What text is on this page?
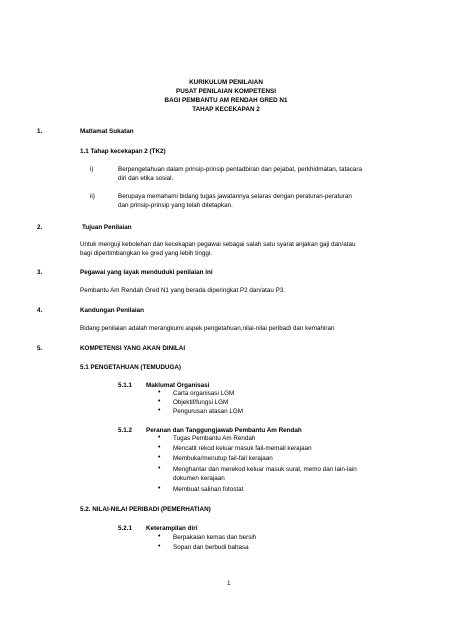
KURIKULUM PENILAIAN
PUSAT PENILAIAN KOMPETENSI
BAGI PEMBANTU AM RENDAH GRED N1
TAHAP KECEKAPAN 2
1.	Matlamat Sukatan
1.1 Tahap kecekapan 2 (TK2)
i)	Berpengetahuan dalam prinsip-prinsip pentadbiran dan pejabat, perkhidmatan, tatacara
diri dan etika sosial.
ii)	Berupaya memahami bidang tugas jawatannya selaras dengan peraturan-peraturan
dan prinsip-prinsip yang telah ditetapkan.
2.	Tujuan Penilaian
Untuk menguji kebolehan dan kecekapan pegawai sebagai salah satu syarat anjakan gaji dan/atau
bagi dipertimbangkan ke gred yang lebih tinggi.
3.	Pegawai yang layak menduduki penilaian ini
Pembantu Am Rendah Gred N1 yang berada diperingkat P2 dan/atau P3.
4.	Kandungan Penilaian
Bidang penilaian adalah merangkumi aspek pengetahuan,nilai-nilai peribadi dan kemahiran
5.	KOMPETENSI YANG AKAN DINILAI
5.1 PENGETAHUAN (TEMUDUGA)
5.1.1 Maklumat Organisasi
• Carta organisasi LGM
• Objektif/fungsi LGM
• Pengurusan atasan LGM
5.1.2 Peranan dan Tanggungjawab Pembantu Am Rendah
• Tugas Pembantu Am Rendah
• Mencatit rekod keluar masuk fail-memail kerajaan
• Membuka/menutup fail-fail kerajaan
• Menghantar dan merekod keluar masuk surat, memo dan lain-lain
dokumen kerajaan
• Membuat salinan fotostat
5.2. NILAI-NILAI PERIBADI (PEMERHATIAN)
5.2.1 Keterampilan diri
• Berpakaian kemas dan bersih
• Sopan dan berbudi bahasa
1
